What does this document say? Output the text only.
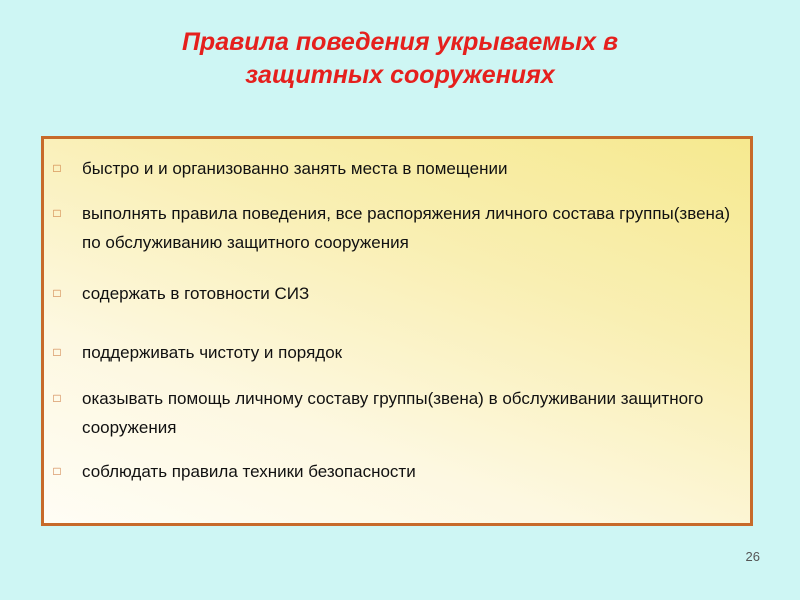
Правила поведения укрываемых в
защитных сооружениях
□ быстро и и организованно занять места в помещении
□ выполнять правила поведения, все распоряжения личного состава группы(звена) по обслуживанию защитного сооружения
□ содержать в готовности СИЗ
□ поддерживать чистоту и порядок
□ оказывать помощь личному составу группы(звена) в обслуживании защитного сооружения
□ соблюдать правила техники безопасности
26
